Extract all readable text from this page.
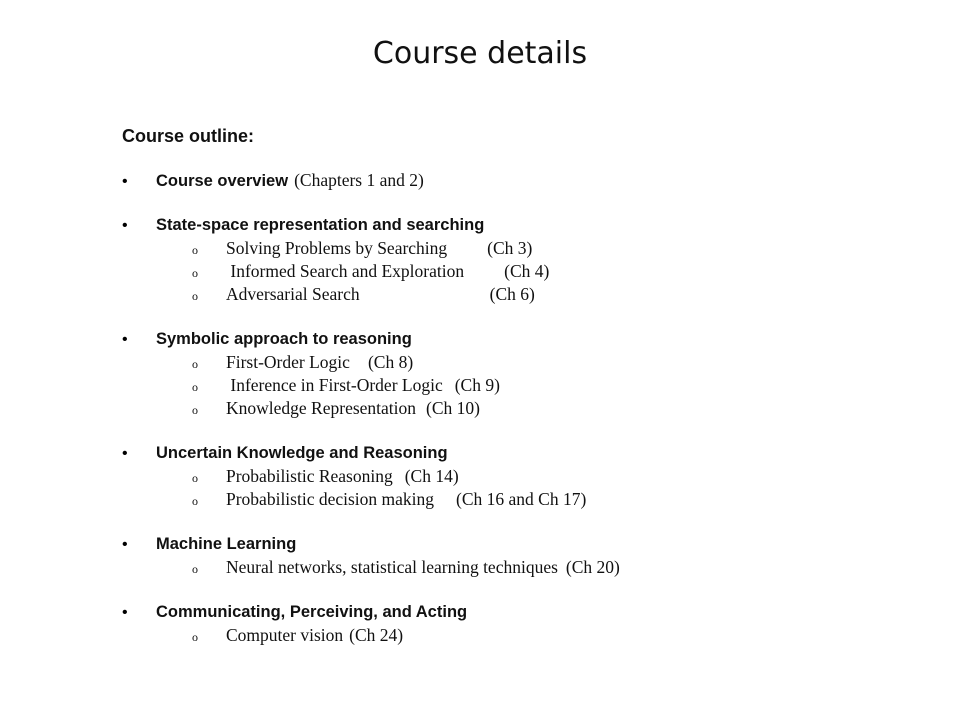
Course details
Course outline:
•	Course overview (Chapters 1 and 2)
•	State-space representation and searching
o	Solving Problems by Searching (Ch 3)
o	Informed Search and Exploration (Ch 4)
o	Adversarial Search	(Ch 6)
•	Symbolic approach to reasoning
o	First-Order Logic (Ch 8)
o	Inference in First-Order Logic (Ch 9)
o	Knowledge Representation (Ch 10)
•	Uncertain Knowledge and Reasoning
o	Probabilistic Reasoning (Ch 14)
o	Probabilistic decision making (Ch 16 and Ch 17)
•	Machine Learning
o	Neural networks, statistical learning techniques (Ch 20)
•	Communicating, Perceiving, and Acting
o	Computer vision (Ch 24)
